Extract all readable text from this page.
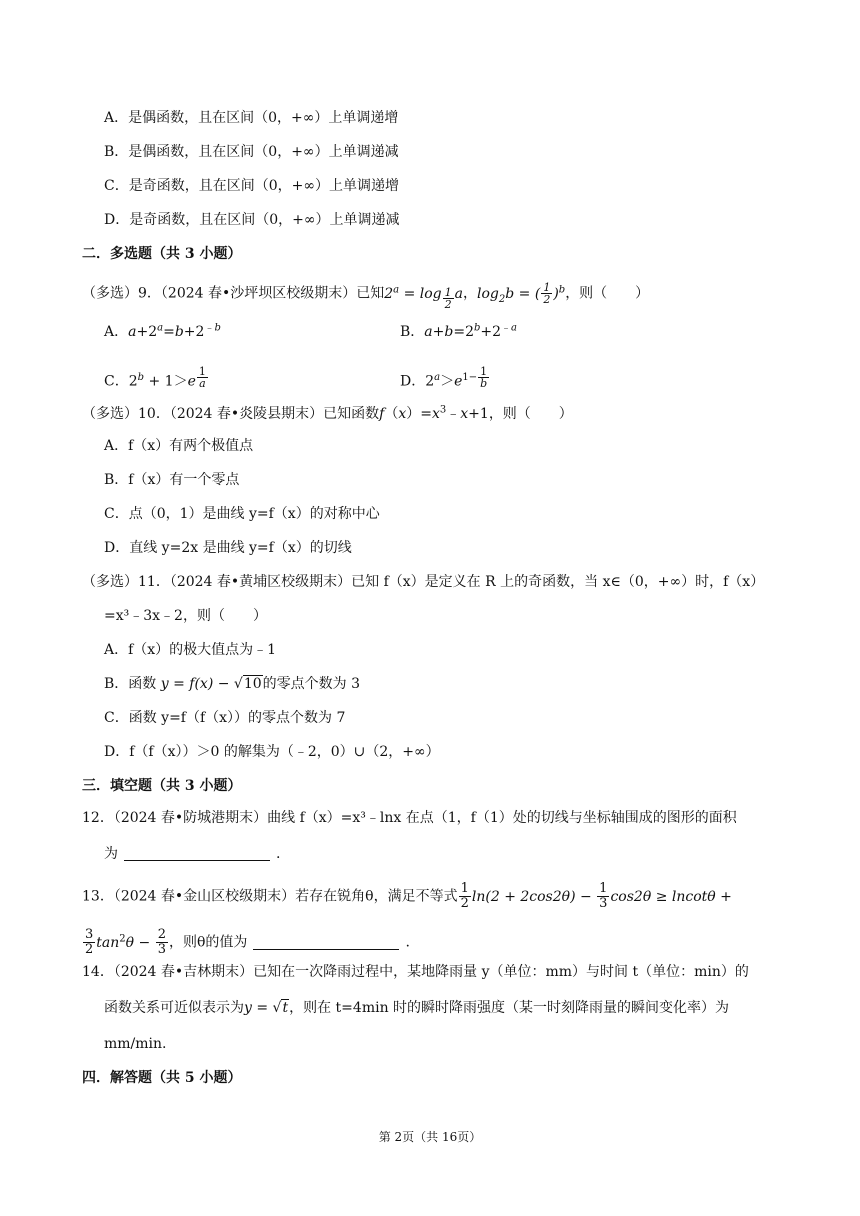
A．是偶函数，且在区间（0，+∞）上单调递增
B．是偶函数，且在区间（0，+∞）上单调递减
C．是奇函数，且在区间（0，+∞）上单调递增
D．是奇函数，且在区间（0，+∞）上单调递减
二．多选题（共 3 小题）
（多选）9．（2024 春•沙坪坝区校级期末）已知$2^a = \log _{\frac{1}{2}}$ a，$\log_2b$ = ( $\frac{1}{2} )^b$，则（　　）
A．$a+2^a=b+2^{﹣b}$	B．$a+b=2^b+2^{﹣a}$
C．$2^b + 1>e$ $^{\frac{1}{a}}$	D．$2^a>e^{1- \frac{1}{b}}$
（多选）10．（2024 春•炎陵县期末）已知函数$f(x)=x^3﹣x+1$，则（　　）
A．f（x）有两个极值点
B．f（x）有一个零点
C．点（0，1）是曲线 y=f（x）的对称中心
D．直线 y=2x 是曲线 y=f（x）的切线
（多选）11．（2024 春•黄埔区校级期末）已知 f（x）是定义在 R 上的奇函数，当 x∈（0，+∞）时，f（x）
=x³﹣3x﹣2，则（　　）
A．f（x）的极大值点为﹣1
B．函数 y = f(x) − √10的零点个数为 3
C．函数 y=f（f（x））的零点个数为 7
D．f（f（x））＞0 的解集为（﹣2，0）∪（2，+∞）
三．填空题（共 3 小题）
12．（2024 春•防城港期末）曲线 f（x）=x³﹣lnx 在点（1，f（1）处的切线与坐标轴围成的图形的面积
为	.
13．（2024 春•金山区校级期末）若存在锐角θ，满足不等式 $\frac{1}{2} \ln(2 + 2\cos 2\theta) - \frac{1}{3} \cos 2\theta \ge lncot\theta$ +
$\frac{3}{2} \tan^2\theta - \frac{2}{3}$ ，则θ的值为	.
14．（2024 春•吉林期末）已知在一次降雨过程中，某地降雨量 y（单位：mm）与时间 t（单位：min）的
函数关系可近似表示为y = √t，则在 t=4min 时的瞬时降雨强度（某一时刻降雨量的瞬间变化率）为
mm/min.
四．解答题（共 5 小题）
第 2页（共 16页）
